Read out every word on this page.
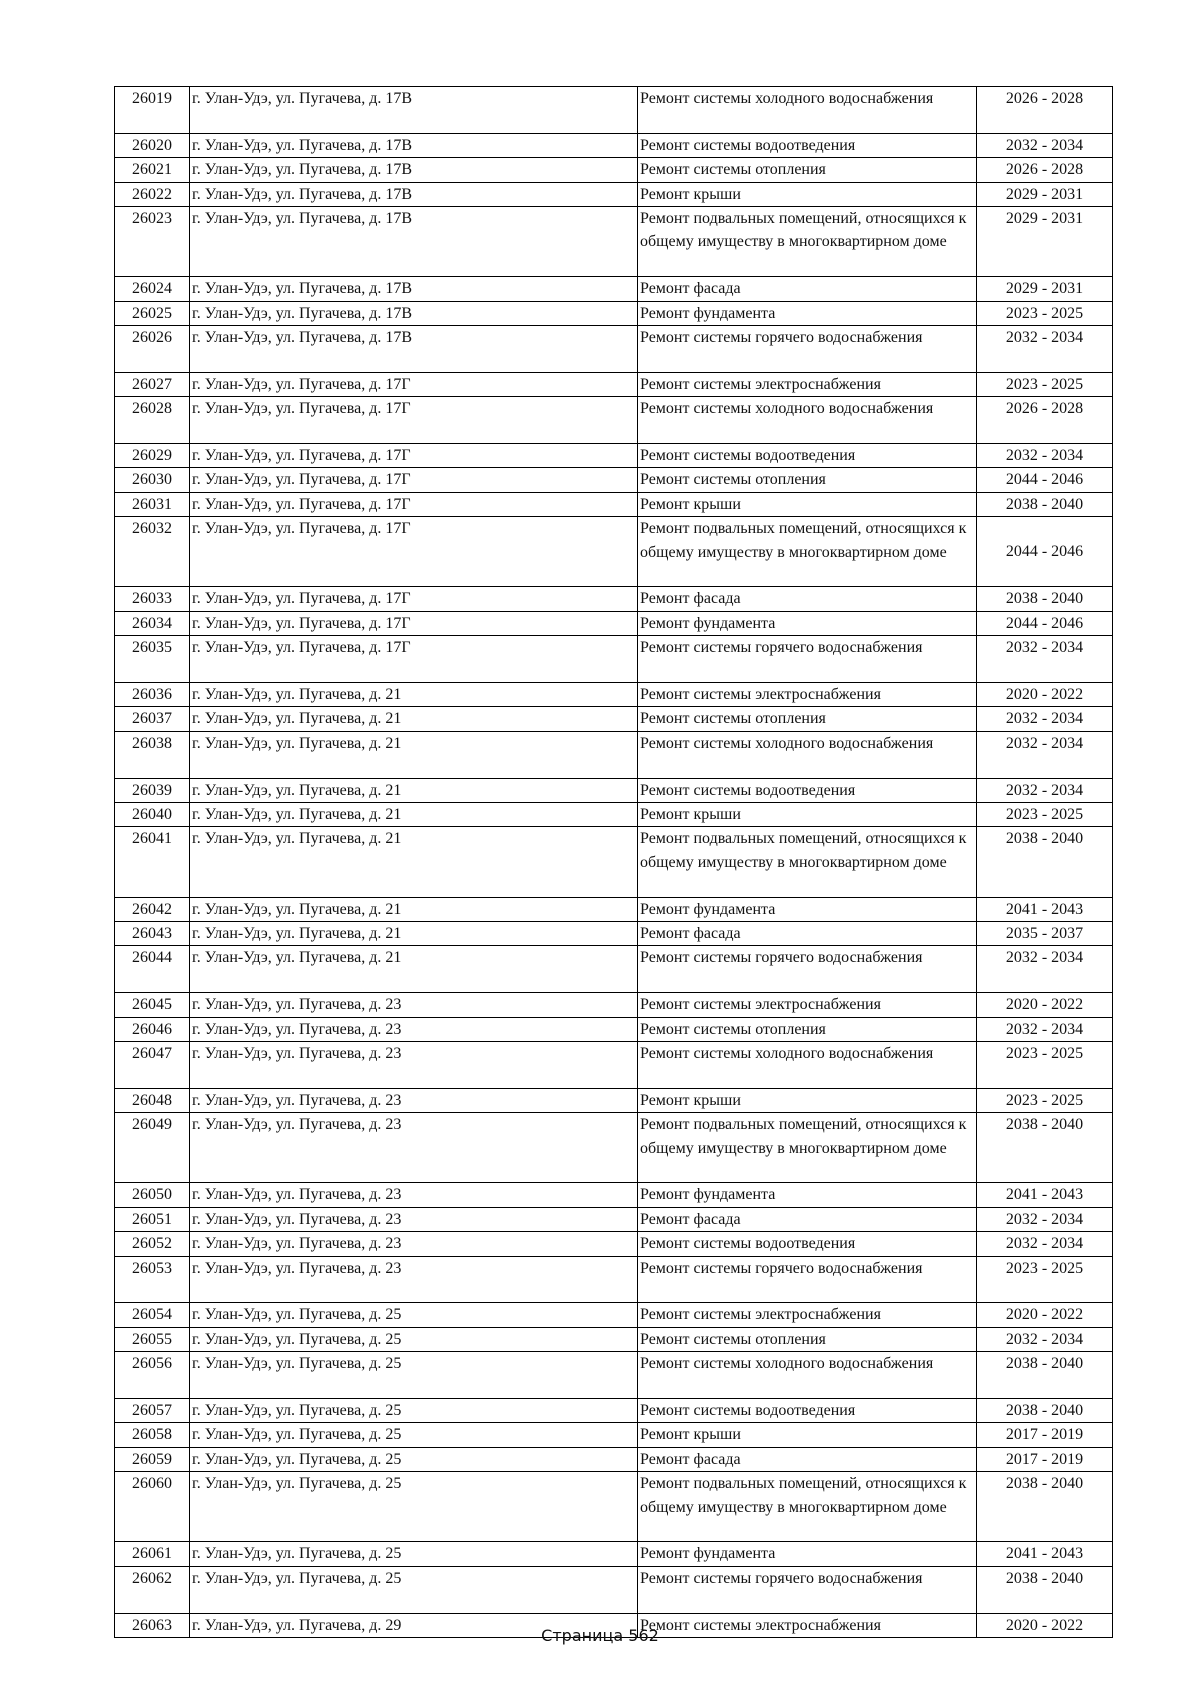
26019	г. Улан-Удэ, ул. Пугачева, д. 17В	Ремонт системы холодного водоснабжения	2026 - 2028
26020	г. Улан-Удэ, ул. Пугачева, д. 17В	Ремонт системы водоотведения	2032 - 2034
26021	г. Улан-Удэ, ул. Пугачева, д. 17В	Ремонт системы отопления	2026 - 2028
26022	г. Улан-Удэ, ул. Пугачева, д. 17В	Ремонт крыши	2029 - 2031
26023	г. Улан-Удэ, ул. Пугачева, д. 17В	Ремонт подвальных помещений, относящихся к общему имуществу в многоквартирном доме	2029 - 2031
26024	г. Улан-Удэ, ул. Пугачева, д. 17В	Ремонт фасада	2029 - 2031
26025	г. Улан-Удэ, ул. Пугачева, д. 17В	Ремонт фундамента	2023 - 2025
26026	г. Улан-Удэ, ул. Пугачева, д. 17В	Ремонт системы горячего водоснабжения	2032 - 2034
26027	г. Улан-Удэ, ул. Пугачева, д. 17Г	Ремонт системы электроснабжения	2023 - 2025
26028	г. Улан-Удэ, ул. Пугачева, д. 17Г	Ремонт системы холодного водоснабжения	2026 - 2028
26029	г. Улан-Удэ, ул. Пугачева, д. 17Г	Ремонт системы водоотведения	2032 - 2034
26030	г. Улан-Удэ, ул. Пугачева, д. 17Г	Ремонт системы отопления	2044 - 2046
26031	г. Улан-Удэ, ул. Пугачева, д. 17Г	Ремонт крыши	2038 - 2040
26032	г. Улан-Удэ, ул. Пугачева, д. 17Г	Ремонт подвальных помещений, относящихся к общему имуществу в многоквартирном доме	2044 - 2046
26033	г. Улан-Удэ, ул. Пугачева, д. 17Г	Ремонт фасада	2038 - 2040
26034	г. Улан-Удэ, ул. Пугачева, д. 17Г	Ремонт фундамента	2044 - 2046
26035	г. Улан-Удэ, ул. Пугачева, д. 17Г	Ремонт системы горячего водоснабжения	2032 - 2034
26036	г. Улан-Удэ, ул. Пугачева, д. 21	Ремонт системы электроснабжения	2020 - 2022
26037	г. Улан-Удэ, ул. Пугачева, д. 21	Ремонт системы отопления	2032 - 2034
26038	г. Улан-Удэ, ул. Пугачева, д. 21	Ремонт системы холодного водоснабжения	2032 - 2034
26039	г. Улан-Удэ, ул. Пугачева, д. 21	Ремонт системы водоотведения	2032 - 2034
26040	г. Улан-Удэ, ул. Пугачева, д. 21	Ремонт крыши	2023 - 2025
26041	г. Улан-Удэ, ул. Пугачева, д. 21	Ремонт подвальных помещений, относящихся к общему имуществу в многоквартирном доме	2038 - 2040
26042	г. Улан-Удэ, ул. Пугачева, д. 21	Ремонт фундамента	2041 - 2043
26043	г. Улан-Удэ, ул. Пугачева, д. 21	Ремонт фасада	2035 - 2037
26044	г. Улан-Удэ, ул. Пугачева, д. 21	Ремонт системы горячего водоснабжения	2032 - 2034
26045	г. Улан-Удэ, ул. Пугачева, д. 23	Ремонт системы электроснабжения	2020 - 2022
26046	г. Улан-Удэ, ул. Пугачева, д. 23	Ремонт системы отопления	2032 - 2034
26047	г. Улан-Удэ, ул. Пугачева, д. 23	Ремонт системы холодного водоснабжения	2023 - 2025
26048	г. Улан-Удэ, ул. Пугачева, д. 23	Ремонт крыши	2023 - 2025
26049	г. Улан-Удэ, ул. Пугачева, д. 23	Ремонт подвальных помещений, относящихся к общему имуществу в многоквартирном доме	2038 - 2040
26050	г. Улан-Удэ, ул. Пугачева, д. 23	Ремонт фундамента	2041 - 2043
26051	г. Улан-Удэ, ул. Пугачева, д. 23	Ремонт фасада	2032 - 2034
26052	г. Улан-Удэ, ул. Пугачева, д. 23	Ремонт системы водоотведения	2032 - 2034
26053	г. Улан-Удэ, ул. Пугачева, д. 23	Ремонт системы горячего водоснабжения	2023 - 2025
26054	г. Улан-Удэ, ул. Пугачева, д. 25	Ремонт системы электроснабжения	2020 - 2022
26055	г. Улан-Удэ, ул. Пугачева, д. 25	Ремонт системы отопления	2032 - 2034
26056	г. Улан-Удэ, ул. Пугачева, д. 25	Ремонт системы холодного водоснабжения	2038 - 2040
26057	г. Улан-Удэ, ул. Пугачева, д. 25	Ремонт системы водоотведения	2038 - 2040
26058	г. Улан-Удэ, ул. Пугачева, д. 25	Ремонт крыши	2017 - 2019
26059	г. Улан-Удэ, ул. Пугачева, д. 25	Ремонт фасада	2017 - 2019
26060	г. Улан-Удэ, ул. Пугачева, д. 25	Ремонт подвальных помещений, относящихся к общему имуществу в многоквартирном доме	2038 - 2040
26061	г. Улан-Удэ, ул. Пугачева, д. 25	Ремонт фундамента	2041 - 2043
26062	г. Улан-Удэ, ул. Пугачева, д. 25	Ремонт системы горячего водоснабжения	2038 - 2040
26063	г. Улан-Удэ, ул. Пугачева, д. 29	Ремонт системы электроснабжения	2020 - 2022
Страница 562
